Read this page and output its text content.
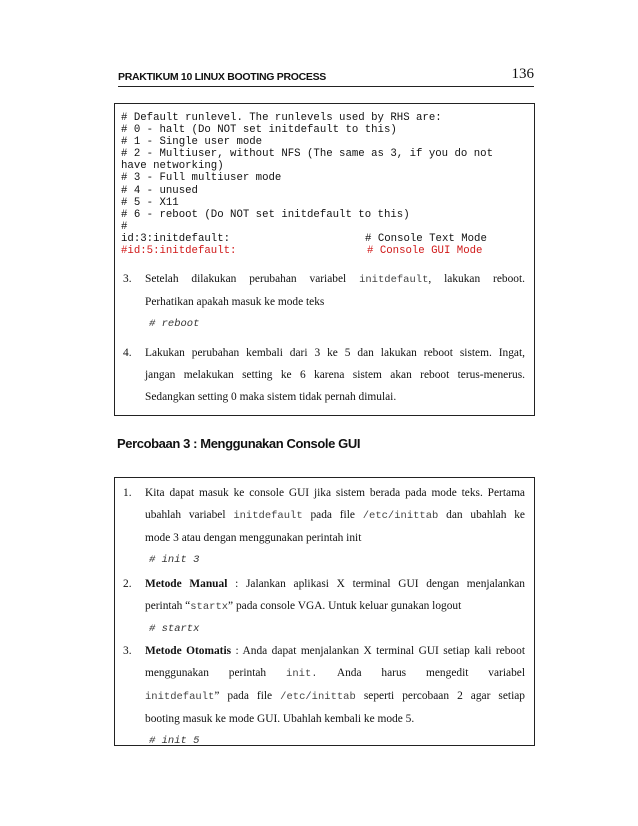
PRAKTIKUM 10 LINUX BOOTING PROCESS	136
# Default runlevel. The runlevels used by RHS are:
# 0 - halt (Do NOT set initdefault to this)
# 1 - Single user mode
# 2 - Multiuser, without NFS (The same as 3, if you do not
have networking)
# 3 - Full multiuser mode
# 4 - unused
# 5 - X11
# 6 - reboot (Do NOT set initdefault to this)
#
id:3:initdefault:	# Console Text Mode
#id:5:initdefault:	# Console GUI Mode
3. Setelah dilakukan perubahan variabel initdefault, lakukan reboot.
Perhatikan apakah masuk ke mode teks
# reboot
4. Lakukan perubahan kembali dari 3 ke 5 dan lakukan reboot sistem. Ingat,
jangan melakukan setting ke 6 karena sistem akan reboot terus-menerus.
Sedangkan setting 0 maka sistem tidak pernah dimulai.
Percobaan 3 : Menggunakan Console GUI
1. Kita dapat masuk ke console GUI jika sistem berada pada mode teks. Pertama
ubahlah variabel initdefault pada file /etc/inittab dan ubahlah ke
mode 3 atau dengan menggunakan perintah init
# init 3
2. Metode Manual : Jalankan aplikasi X terminal GUI dengan menjalankan
perintah “startx” pada console VGA. Untuk keluar gunakan logout
# startx
3. Metode Otomatis : Anda dapat menjalankan X terminal GUI setiap kali reboot
menggunakan perintah init. Anda harus mengedit variabel
initdefault” pada file /etc/inittab seperti percobaan 2 agar setiap
booting masuk ke mode GUI. Ubahlah kembali ke mode 5.
# init 5
